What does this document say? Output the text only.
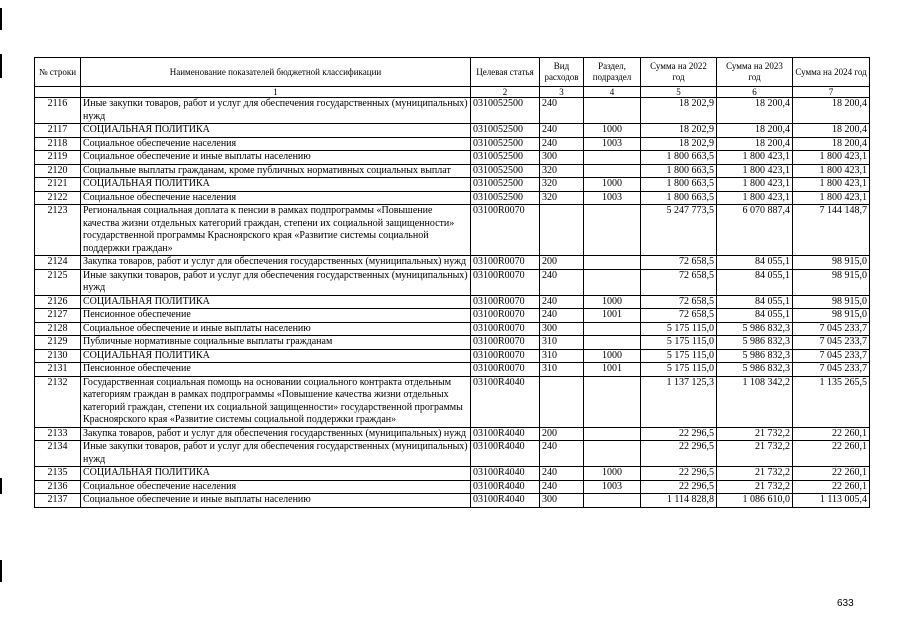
№ строки	Наименование показателей бюджетной классификации	Целевая статья	Вид расходов	Раздел, подраздел	Сумма на 2022 год	Сумма на 2023 год	Сумма на 2024 год
	1	2	3	4	5	6	7
2116	Иные закупки товаров, работ и услуг для обеспечения государственных (муниципальных) нужд	0310052500	240		18 202,9	18 200,4	18 200,4
2117	СОЦИАЛЬНАЯ ПОЛИТИКА	0310052500	240	1000	18 202,9	18 200,4	18 200,4
2118	Социальное обеспечение населения	0310052500	240	1003	18 202,9	18 200,4	18 200,4
2119	Социальное обеспечение и иные выплаты населению	0310052500	300		1 800 663,5	1 800 423,1	1 800 423,1
2120	Социальные выплаты гражданам, кроме публичных нормативных социальных выплат	0310052500	320		1 800 663,5	1 800 423,1	1 800 423,1
2121	СОЦИАЛЬНАЯ ПОЛИТИКА	0310052500	320	1000	1 800 663,5	1 800 423,1	1 800 423,1
2122	Социальное обеспечение населения	0310052500	320	1003	1 800 663,5	1 800 423,1	1 800 423,1
2123	Региональная социальная доплата к пенсии в рамках подпрограммы «Повышение качества жизни отдельных категорий граждан, степени их социальной защищенности» государственной программы Красноярского края «Развитие системы социальной поддержки граждан»	03100R0070			5 247 773,5	6 070 887,4	7 144 148,7
2124	Закупка товаров, работ и услуг для обеспечения государственных (муниципальных) нужд	03100R0070	200		72 658,5	84 055,1	98 915,0
2125	Иные закупки товаров, работ и услуг для обеспечения государственных (муниципальных) нужд	03100R0070	240		72 658,5	84 055,1	98 915,0
2126	СОЦИАЛЬНАЯ ПОЛИТИКА	03100R0070	240	1000	72 658,5	84 055,1	98 915,0
2127	Пенсионное обеспечение	03100R0070	240	1001	72 658,5	84 055,1	98 915,0
2128	Социальное обеспечение и иные выплаты населению	03100R0070	300		5 175 115,0	5 986 832,3	7 045 233,7
2129	Публичные нормативные социальные выплаты гражданам	03100R0070	310		5 175 115,0	5 986 832,3	7 045 233,7
2130	СОЦИАЛЬНАЯ ПОЛИТИКА	03100R0070	310	1000	5 175 115,0	5 986 832,3	7 045 233,7
2131	Пенсионное обеспечение	03100R0070	310	1001	5 175 115,0	5 986 832,3	7 045 233,7
2132	Государственная социальная помощь на основании социального контракта отдельным категориям граждан в рамках подпрограммы «Повышение качества жизни отдельных категорий граждан, степени их социальной защищенности» государственной программы Красноярского края «Развитие системы социальной поддержки граждан»	03100R4040			1 137 125,3	1 108 342,2	1 135 265,5
2133	Закупка товаров, работ и услуг для обеспечения государственных (муниципальных) нужд	03100R4040	200		22 296,5	21 732,2	22 260,1
2134	Иные закупки товаров, работ и услуг для обеспечения государственных (муниципальных) нужд	03100R4040	240		22 296,5	21 732,2	22 260,1
2135	СОЦИАЛЬНАЯ ПОЛИТИКА	03100R4040	240	1000	22 296,5	21 732,2	22 260,1
2136	Социальное обеспечение населения	03100R4040	240	1003	22 296,5	21 732,2	22 260,1
2137	Социальное обеспечение и иные выплаты населению	03100R4040	300		1 114 828,8	1 086 610,0	1 113 005,4
633
